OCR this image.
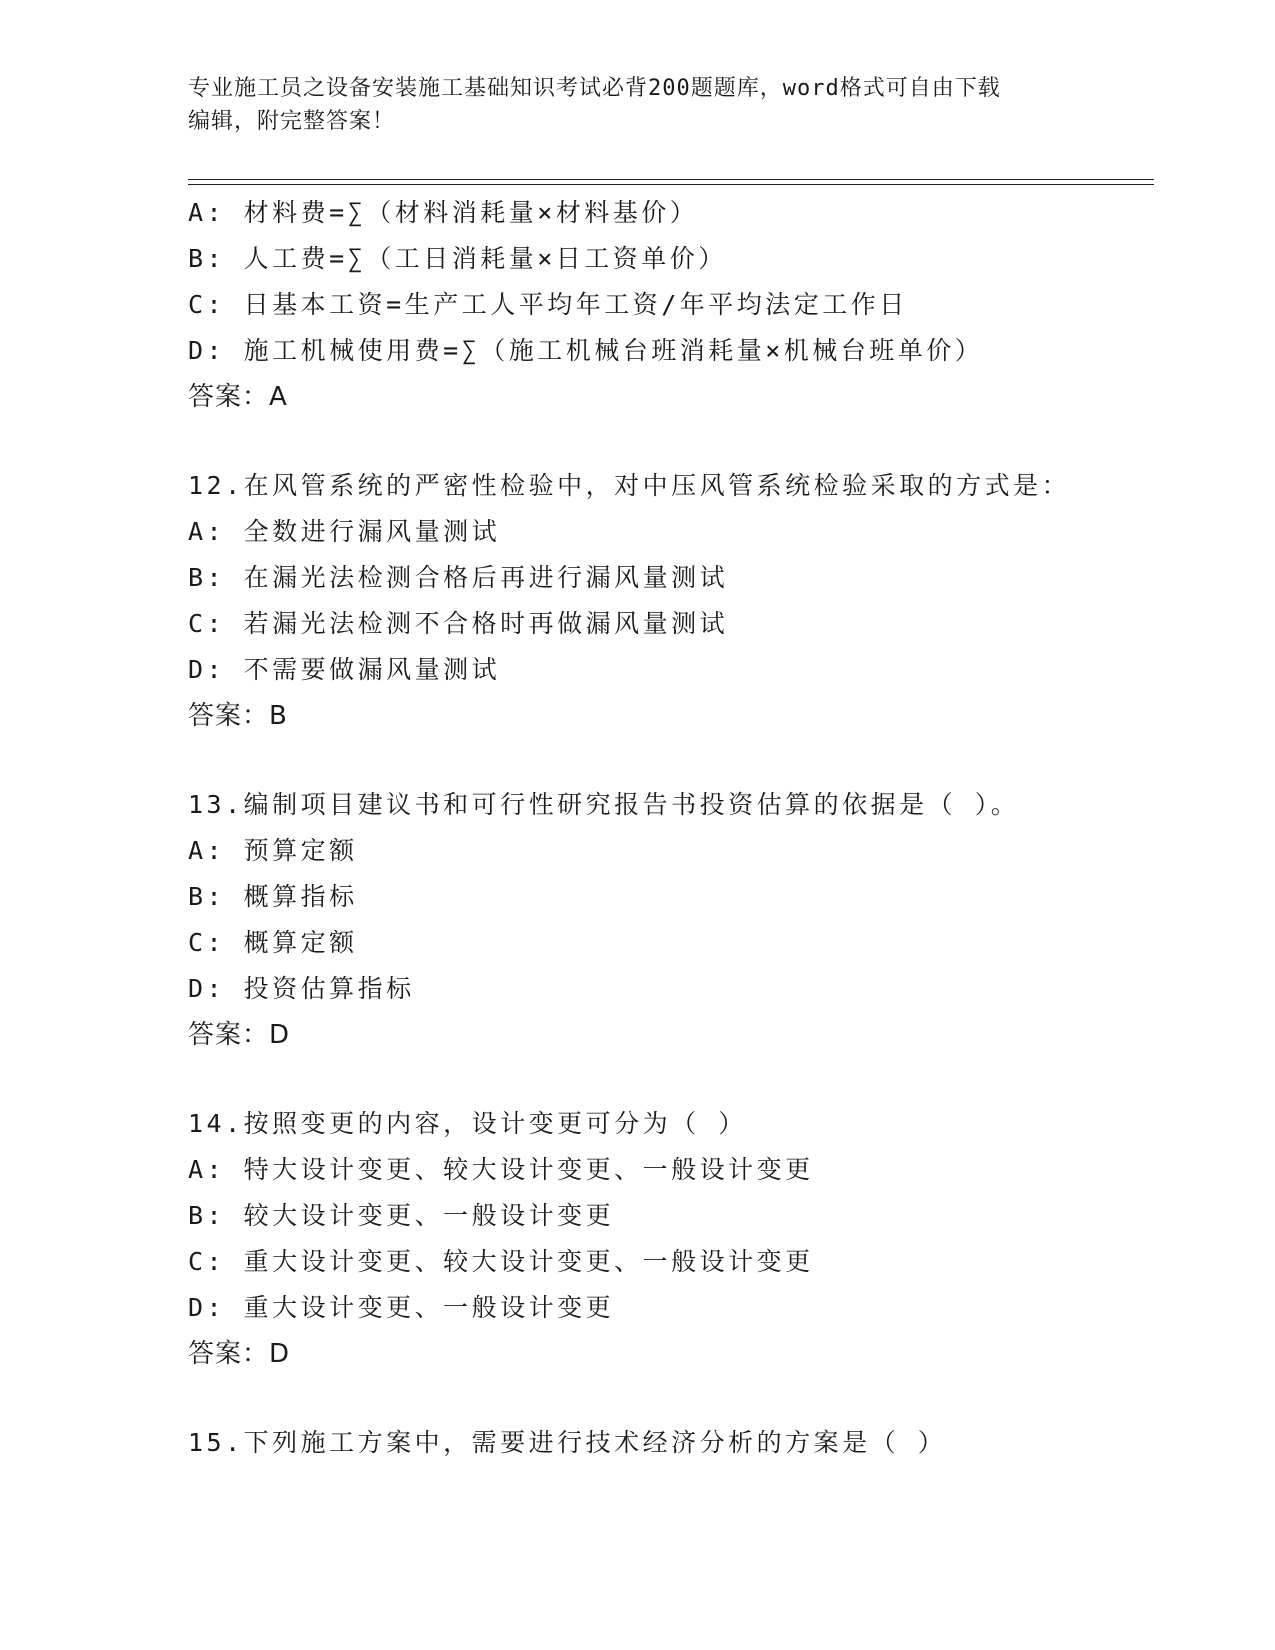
专业施工员之设备安装施工基础知识考试必背200题题库，word格式可自由下载
编辑，附完整答案！
A: 材料费=∑（材料消耗量×材料基价）
B: 人工费=∑（工日消耗量×日工资单价）
C: 日基本工资=生产工人平均年工资/年平均法定工作日
D: 施工机械使用费=∑（施工机械台班消耗量×机械台班单价）
答案：A
12.在风管系统的严密性检验中，对中压风管系统检验采取的方式是：
A: 全数进行漏风量测试
B: 在漏光法检测合格后再进行漏风量测试
C: 若漏光法检测不合格时再做漏风量测试
D: 不需要做漏风量测试
答案：B
13.编制项目建议书和可行性研究报告书投资估算的依据是（ ）。
A: 预算定额
B: 概算指标
C: 概算定额
D: 投资估算指标
答案：D
14.按照变更的内容，设计变更可分为（ ）
A: 特大设计变更、较大设计变更、一般设计变更
B: 较大设计变更、一般设计变更
C: 重大设计变更、较大设计变更、一般设计变更
D: 重大设计变更、一般设计变更
答案：D
15.下列施工方案中，需要进行技术经济分析的方案是（ ）
